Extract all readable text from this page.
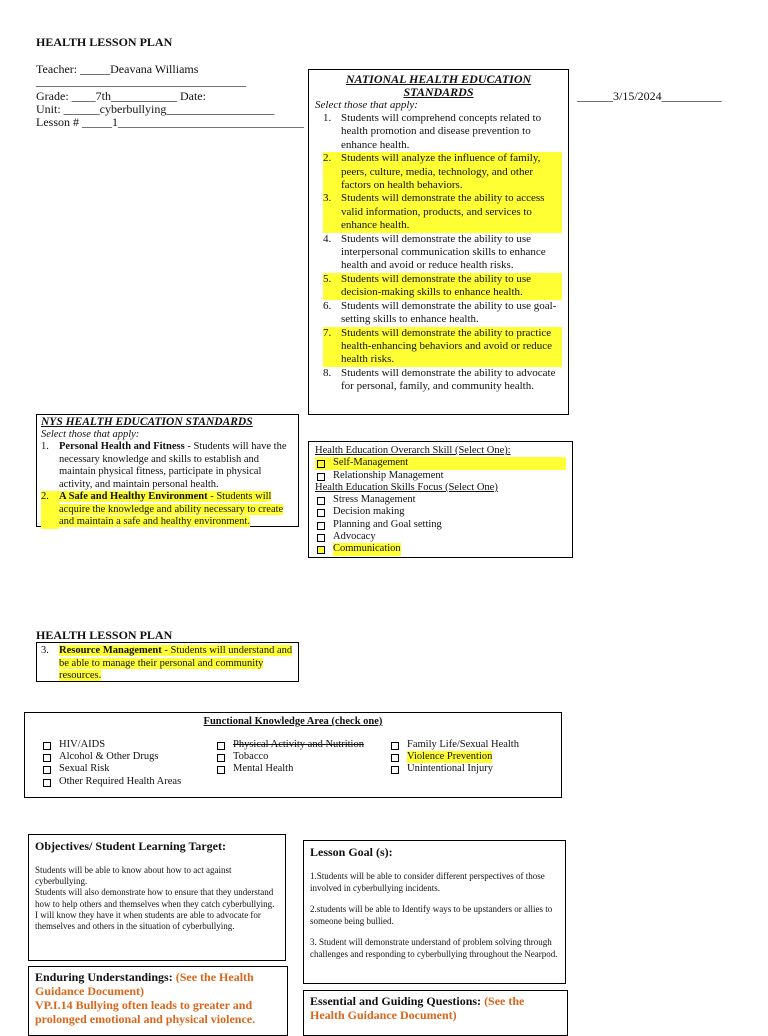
HEALTH LESSON PLAN
Teacher: _____Deavana Williams
___________________________________
Grade: ____7th___________ Date:
Unit: ______cyberbullying__________________
Lesson # _____1_______________________________
______3/15/2024__________
NATIONAL HEALTH EDUCATION
STANDARDS
Select those that apply:
1. Students will comprehend concepts related to health promotion and disease prevention to enhance health.
2. Students will analyze the influence of family, peers, culture, media, technology, and other factors on health behaviors.
3. Students will demonstrate the ability to access valid information, products, and services to enhance health.
4. Students will demonstrate the ability to use interpersonal communication skills to enhance health and avoid or reduce health risks.
5. Students will demonstrate the ability to use decision-making skills to enhance health.
6. Students will demonstrate the ability to use goal-setting skills to enhance health.
7. Students will demonstrate the ability to practice health-enhancing behaviors and avoid or reduce health risks.
8. Students will demonstrate the ability to advocate for personal, family, and community health.
NYS HEALTH EDUCATION STANDARDS
Select those that apply:
1. Personal Health and Fitness - Students will have the necessary knowledge and skills to establish and maintain physical fitness, participate in physical activity, and maintain personal health.
2. A Safe and Healthy Environment - Students will acquire the knowledge and ability necessary to create and maintain a safe and healthy environment.
Health Education Overarch Skill (Select One):
Self-Management
Relationship Management
Health Education Skills Focus (Select One)
Stress Management
Decision making
Planning and Goal setting
Advocacy
Communication
HEALTH LESSON PLAN
3. Resource Management - Students will understand and be able to manage their personal and community resources.
Functional Knowledge Area (check one)
HIV/AIDS
Alcohol & Other Drugs
Sexual Risk
Other Required Health Areas
Physical Activity and Nutrition
Tobacco
Mental Health
Family Life/Sexual Health
Violence Prevention
Unintentional Injury
Objectives/ Student Learning Target:
Students will be able to know about how to act against cyberbullying.
Students will also demonstrate how to ensure that they understand how to help others and themselves when they catch cyberbullying.
I will know they have it when students are able to advocate for themselves and others in the situation of cyberbullying.
Lesson Goal (s):
1.Students will be able to consider different perspectives of those involved in cyberbullying incidents.
2.students will be able to Identify ways to be upstanders or allies to someone being bullied.
3. Student will demonstrate understand of problem solving through challenges and responding to cyberbullying throughout the Nearpod.
Enduring Understandings: (See the Health Guidance Document)
VP.I.14 Bullying often leads to greater and prolonged emotional and physical violence.
Essential and Guiding Questions: (See the Health Guidance Document)
